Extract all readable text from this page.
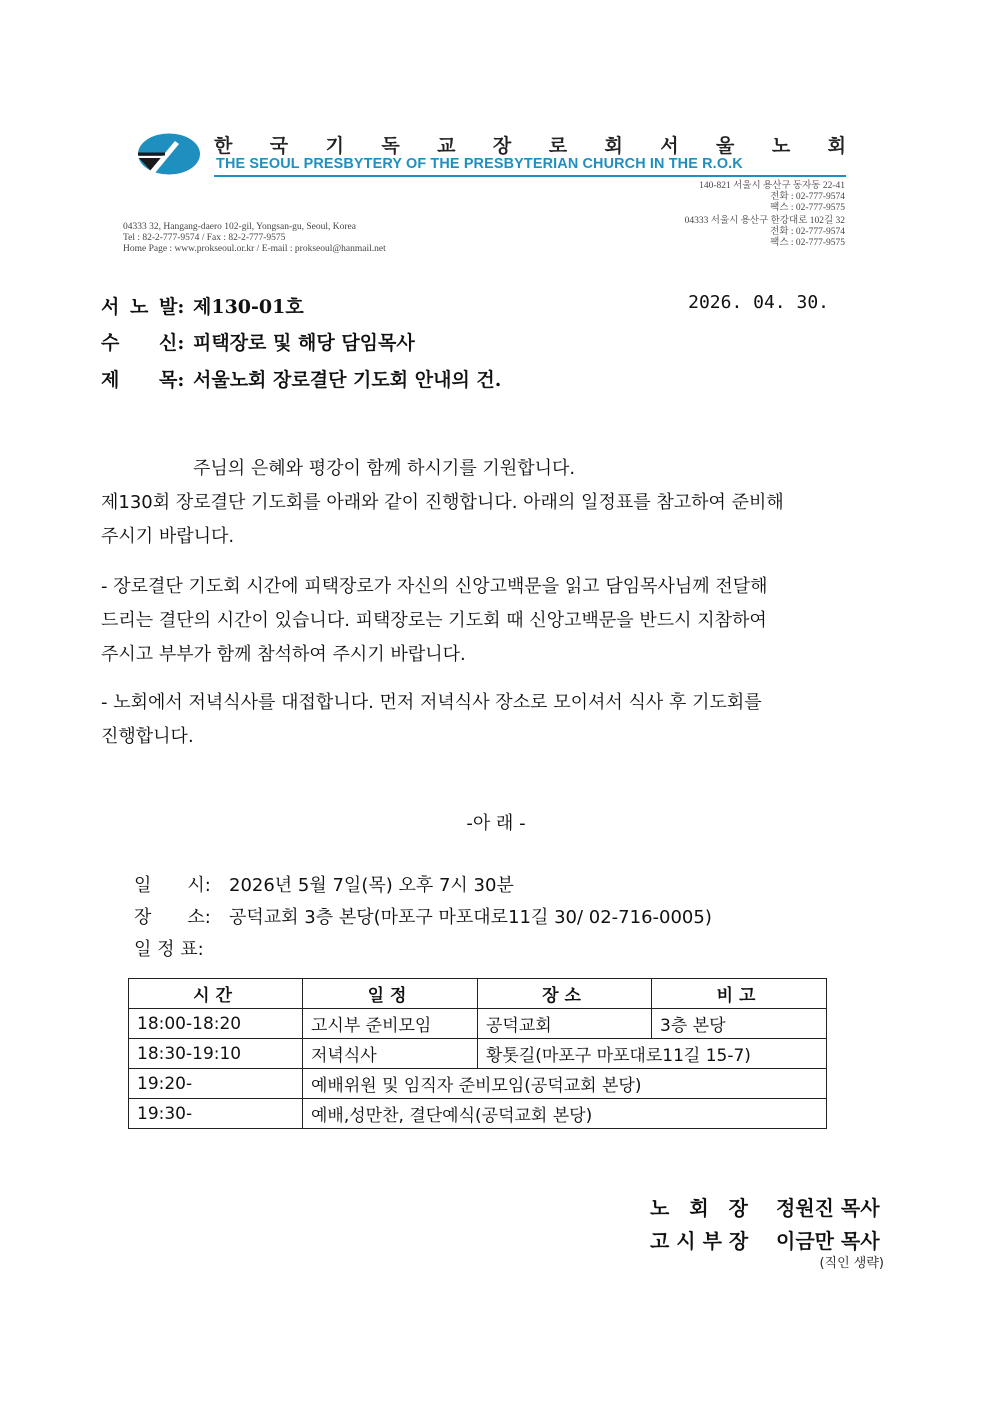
한 국 기 독 교 장 로 회 서 울 노 회
THE SEOUL PRESBYTERY OF THE PRESBYTERIAN CHURCH IN THE R.O.K
140-821 서울시 용산구 동자동 22-41
전화 : 02-777-9574
팩스 : 02-777-9575
04333 서울시 용산구 한강대로 102길 32
전화 : 02-777-9574
팩스 : 02-777-9575
04333 32, Hangang-daero 102-gil, Yongsan-gu, Seoul, Korea
Tel : 82-2-777-9574 / Fax : 82-2-777-9575
Home Page : www.prokseoul.or.kr / E-mail : prokseoul@hanmail.net
서 노 발: 제130-01호	2026. 04. 30.
수 신: 피택장로 및 해당 담임목사
제 목: 서울노회 장로결단 기도회 안내의 건.
주님의 은혜와 평강이 함께 하시기를 기원합니다.
제130회 장로결단 기도회를 아래와 같이 진행합니다. 아래의 일정표를 참고하여 준비해
주시기 바랍니다.
- 장로결단 기도회 시간에 피택장로가 자신의 신앙고백문을 읽고 담임목사님께 전달해
드리는 결단의 시간이 있습니다. 피택장로는 기도회 때 신앙고백문을 반드시 지참하여
주시고 부부가 함께 참석하여 주시기 바랍니다.
- 노회에서 저녁식사를 대접합니다. 먼저 저녁식사 장소로 모이셔서 식사 후 기도회를
진행합니다.
-아 래 -
일　　시: 2026년 5월 7일(목) 오후 7시 30분
장　　소: 공덕교회 3층 본당(마포구 마포대로11길 30/ 02-716-0005)
일 정 표:
시간	일정	장소	비고
18:00-18:20	고시부 준비모임	공덕교회	3층 본당
18:30-19:10	저녁식사	황톳길(마포구 마포대로11길 15-7)	
19:20-	예배위원 및 임직자 준비모임(공덕교회 본당)		
19:30-	예배,성만찬, 결단예식(공덕교회 본당)		
노　회　장 정원진 목사
고 시 부 장 이금만 목사
(직인 생략)
